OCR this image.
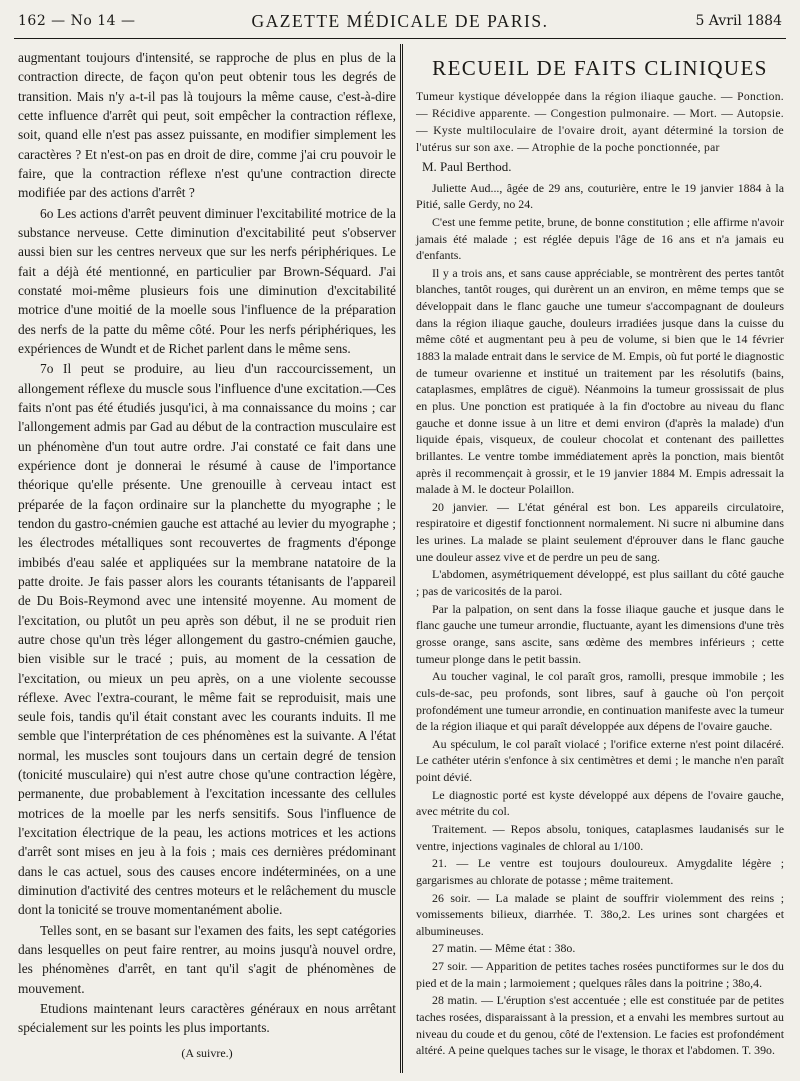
162 — No 14 —	GAZETTE MÉDICALE DE PARIS.	5 Avril 1884

augmentant toujours d'intensité, se rapproche de plus en plus de la contraction directe, de façon qu'on peut obtenir tous les degrés de transition. Mais n'y a-t-il pas là toujours la même cause, c'est-à-dire cette influence d'arrêt qui peut, soit empêcher la contraction réflexe, soit, quand elle n'est pas assez puissante, en modifier simplement les caractères ? Et n'est-on pas en droit de dire, comme j'ai cru pouvoir le faire, que la contraction réflexe n'est qu'une contraction directe modifiée par des actions d'arrêt ?

6o Les actions d'arrêt peuvent diminuer l'excitabilité motrice de la substance nerveuse. Cette diminution d'excitabilité peut s'observer aussi bien sur les centres nerveux que sur les nerfs périphériques. Le fait a déjà été mentionné, en particulier par Brown-Séquard. J'ai constaté moi-même plusieurs fois une diminution d'excitabilité motrice d'une moitié de la moelle sous l'influence de la préparation des nerfs de la patte du même côté. Pour les nerfs périphériques, les expériences de Wundt et de Richet parlent dans le même sens.

7o Il peut se produire, au lieu d'un raccourcissement, un allongement réflexe du muscle sous l'influence d'une excitation.—Ces faits n'ont pas été étudiés jusqu'ici, à ma connaissance du moins ; car l'allongement admis par Gad au début de la contraction musculaire est un phénomène d'un tout autre ordre. J'ai constaté ce fait dans une expérience dont je donnerai le résumé à cause de l'importance théorique qu'elle présente. Une grenouille à cerveau intact est préparée de la façon ordinaire sur la planchette du myographe ; le tendon du gastro-cnémien gauche est attaché au levier du myographe ; les électrodes métalliques sont recouvertes de fragments d'éponge imbibés d'eau salée et appliquées sur la membrane natatoire de la patte droite. Je fais passer alors les courants tétanisants de l'appareil de Du Bois-Reymond avec une intensité moyenne. Au moment de l'excitation, ou plutôt un peu après son début, il ne se produit rien autre chose qu'un très léger allongement du gastro-cnémien gauche, bien visible sur le tracé ; puis, au moment de la cessation de l'excitation, ou mieux un peu après, on a une violente secousse réflexe. Avec l'extra-courant, le même fait se reproduisit, mais une seule fois, tandis qu'il était constant avec les courants induits. Il me semble que l'interprétation de ces phénomènes est la suivante. A l'état normal, les muscles sont toujours dans un certain degré de tension (tonicité musculaire) qui n'est autre chose qu'une contraction légère, permanente, due probablement à l'excitation incessante des cellules motrices de la moelle par les nerfs sensitifs. Sous l'influence de l'excitation électrique de la peau, les actions motrices et les actions d'arrêt sont mises en jeu à la fois ; mais ces dernières prédominant dans le cas actuel, sous des causes encore indéterminées, on a une diminution d'activité des centres moteurs et le relâchement du muscle dont la tonicité se trouve momentanément abolie.

Telles sont, en se basant sur l'examen des faits, les sept catégories dans lesquelles on peut faire rentrer, au moins jusqu'à nouvel ordre, les phénomènes d'arrêt, en tant qu'il s'agit de phénomènes de mouvement.

Etudions maintenant leurs caractères généraux en nous arrêtant spécialement sur les points les plus importants.

(A suivre.)

RECUEIL DE FAITS CLINIQUES

Tumeur kystique développée dans la région iliaque gauche. — Ponction. — Récidive apparente. — Congestion pulmonaire. — Mort. — Autopsie. — Kyste multiloculaire de l'ovaire droit, ayant déterminé la torsion de l'utérus sur son axe. — Atrophie de la poche ponctionnée, par

M. Paul Berthod.

Juliette Aud..., âgée de 29 ans, couturière, entre le 19 janvier 1884 à la Pitié, salle Gerdy, no 24.

C'est une femme petite, brune, de bonne constitution ; elle affirme n'avoir jamais été malade ; est réglée depuis l'âge de 16 ans et n'a jamais eu d'enfants.

Il y a trois ans, et sans cause appréciable, se montrèrent des pertes tantôt blanches, tantôt rouges, qui durèrent un an environ, en même temps que se développait dans le flanc gauche une tumeur s'accompagnant de douleurs dans la région iliaque gauche, douleurs irradiées jusque dans la cuisse du même côté et augmentant peu à peu de volume, si bien que le 14 février 1883 la malade entrait dans le service de M. Empis, où fut porté le diagnostic de tumeur ovarienne et institué un traitement par les résolutifs (bains, cataplasmes, emplâtres de ciguë). Néanmoins la tumeur grossissait de plus en plus. Une ponction est pratiquée à la fin d'octobre au niveau du flanc gauche et donne issue à un litre et demi environ (d'après la malade) d'un liquide épais, visqueux, de couleur chocolat et contenant des paillettes brillantes. Le ventre tombe immédiatement après la ponction, mais bientôt après il recommençait à grossir, et le 19 janvier 1884 M. Empis adressait la malade à M. le docteur Polaillon.

20 janvier. — L'état général est bon. Les appareils circulatoire, respiratoire et digestif fonctionnent normalement. Ni sucre ni albumine dans les urines. La malade se plaint seulement d'éprouver dans le flanc gauche une douleur assez vive et de perdre un peu de sang.

L'abdomen, asymétriquement développé, est plus saillant du côté gauche ; pas de varicosités de la paroi.

Par la palpation, on sent dans la fosse iliaque gauche et jusque dans le flanc gauche une tumeur arrondie, fluctuante, ayant les dimensions d'une très grosse orange, sans ascite, sans œdème des membres inférieurs ; cette tumeur plonge dans le petit bassin.

Au toucher vaginal, le col paraît gros, ramolli, presque immobile ; les culs-de-sac, peu profonds, sont libres, sauf à gauche où l'on perçoit profondément une tumeur arrondie, en continuation manifeste avec la tumeur de la région iliaque et qui paraît développée aux dépens de l'ovaire gauche.

Au spéculum, le col paraît violacé ; l'orifice externe n'est point dilacéré. Le cathéter utérin s'enfonce à six centimètres et demi ; le manche n'en paraît point dévié.

Le diagnostic porté est kyste développé aux dépens de l'ovaire gauche, avec métrite du col.

Traitement. — Repos absolu, toniques, cataplasmes laudanisés sur le ventre, injections vaginales de chloral au 1/100.

21. — Le ventre est toujours douloureux. Amygdalite légère ; gargarismes au chlorate de potasse ; même traitement.

26 soir. — La malade se plaint de souffrir violemment des reins ; vomissements bilieux, diarrhée. T. 38o,2. Les urines sont chargées et albumineuses.

27 matin. — Même état : 38o.

27 soir. — Apparition de petites taches rosées punctiformes sur le dos du pied et de la main ; larmoiement ; quelques râles dans la poitrine ; 38o,4.

28 matin. — L'éruption s'est accentuée ; elle est constituée par de petites taches rosées, disparaissant à la pression, et a envahi les membres surtout au niveau du coude et du genou, côté de l'extension. Le facies est profondément altéré. A peine quelques taches sur le visage, le thorax et l'abdomen. T. 39o.
